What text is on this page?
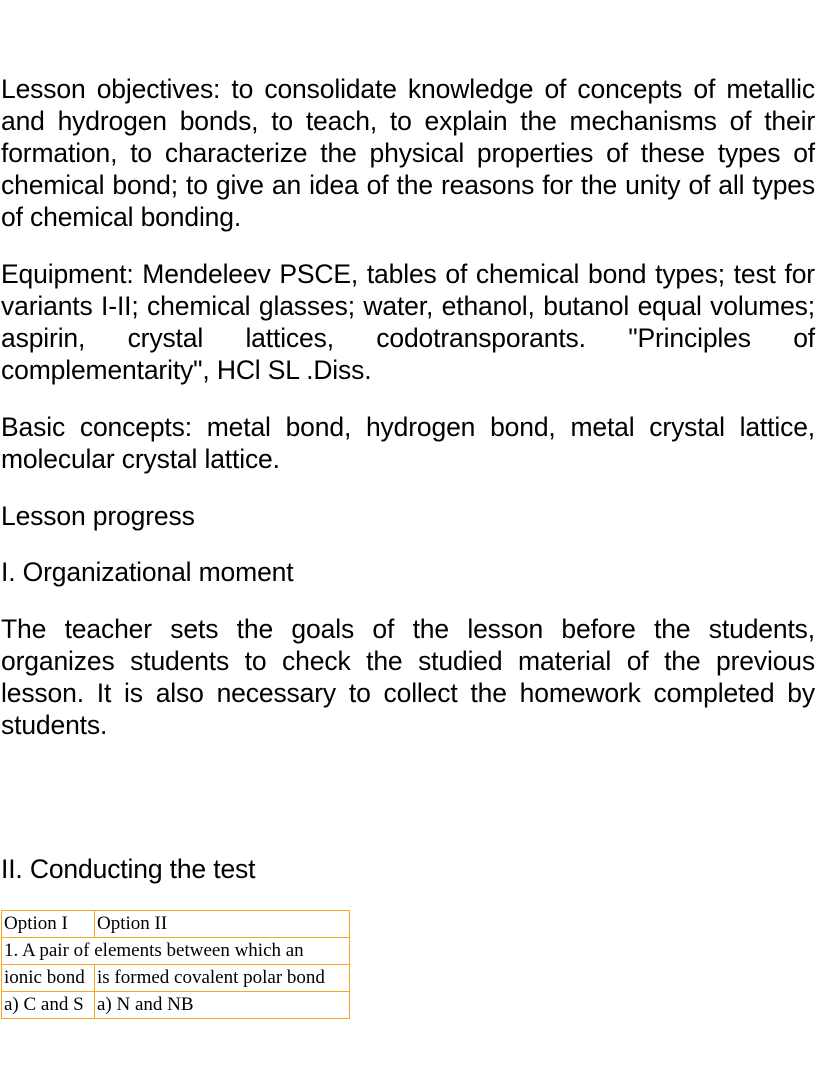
Lesson objectives: to consolidate knowledge of concepts of metallic and hydrogen bonds, to teach, to explain the mechanisms of their formation, to characterize the physical properties of these types of chemical bond; to give an idea of the reasons for the unity of all types of chemical bonding.

Equipment: Mendeleev PSCE, tables of chemical bond types; test for variants I-II; chemical glasses; water, ethanol, butanol equal volumes; aspirin, crystal lattices, codotransporants. "Principles of complementarity", HCl SL .Diss.

Basic concepts: metal bond, hydrogen bond, metal crystal lattice, molecular crystal lattice.

Lesson progress

I. Organizational moment

The teacher sets the goals of the lesson before the students, organizes students to check the studied material of the previous lesson. It is also necessary to collect the homework completed by students.

II. Conducting the test

Option I	Option II
1. A pair of elements between which an	
ionic bond	is formed covalent polar bond
a) C and S	a) N and NB
